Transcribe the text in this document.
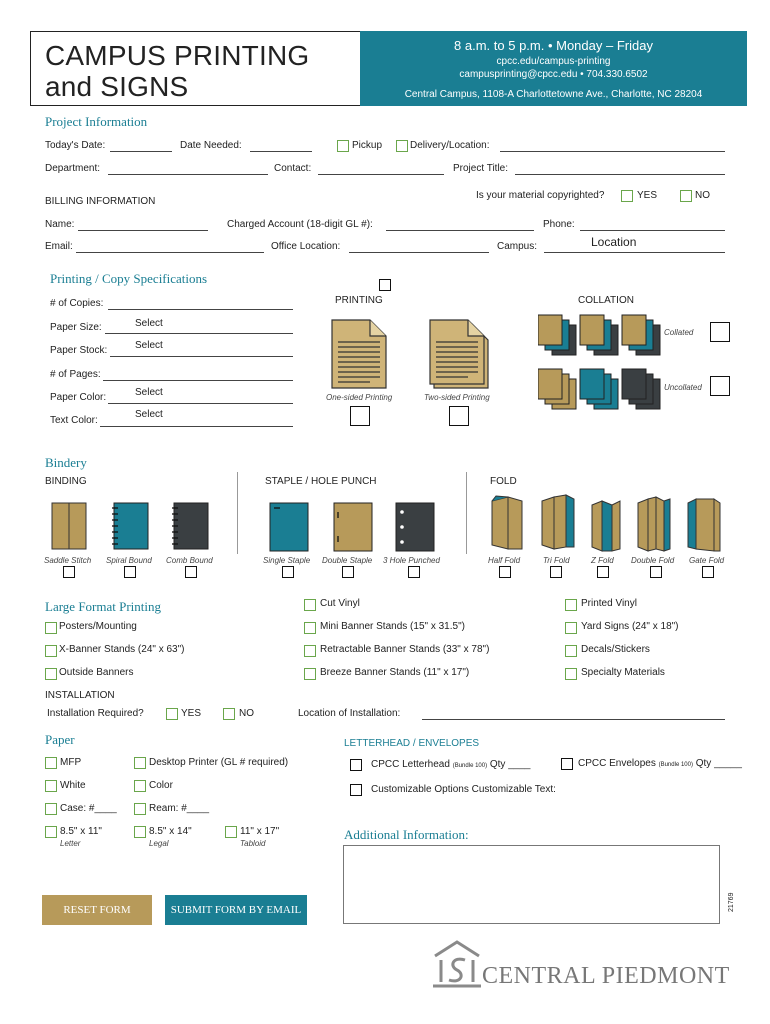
CAMPUS PRINTING
and SIGNS
8 a.m. to 5 p.m. • Monday – Friday
cpcc.edu/campus-printing
campusprinting@cpcc.edu • 704.330.6502
Central Campus, 1108-A Charlottetowne Ave., Charlotte, NC 28204
Project Information
Today's Date:	Date Needed:	Pickup	Delivery/Location:
Department:	Contact:	Project Title:
BILLING INFORMATION
Is your material copyrighted?	YES	NO
Name:	Charged Account (18-digit GL #):	Phone:
Email:	Office Location:	Campus:	Location
Printing / Copy Specifications
# of Copies:
Paper Size:	Select
Paper Stock:	Select
# of Pages:
Paper Color:	Select
Text Color:
Select
PRINTING
One-sided Printing	Two-sided Printing
COLLATION
Collated
Uncollated
Bindery
BINDING	STAPLE / HOLE PUNCH	FOLD
Saddle Stitch Spiral Bound Comb Bound	Single Staple Double Staple 3 Hole Punched	Half Fold	Tri Fold	Z Fold Double Fold Gate Fold
Large Format Printing
Posters/Mounting
X-Banner Stands (24" x 63")
Outside Banners
Cut Vinyl
Mini Banner Stands (15" x 31.5")
Retractable Banner Stands (33" x 78")
Breeze Banner Stands (11" x 17")
Printed Vinyl
Yard Signs (24" x 18")
Decals/Stickers
Specialty Materials
INSTALLATION
Installation Required?	YES	NO	Location of Installation:
Paper
MFP	Desktop Printer (GL # required)
White	Color
Case: #____	Ream: #____
8.5" x 11"
Letter
8.5" x 14"
Legal
11" x 17"
Tabloid
LETTERHEAD / ENVELOPES
CPCC Letterhead (Bundle 100) Qty ____	CPCC Envelopes (Bundle 100) Qty _____
Customizable Options Customizable Text:
Additional Information:
21769
RESET FORM	SUBMIT FORM BY EMAIL
CENTRAL PIEDMONT
